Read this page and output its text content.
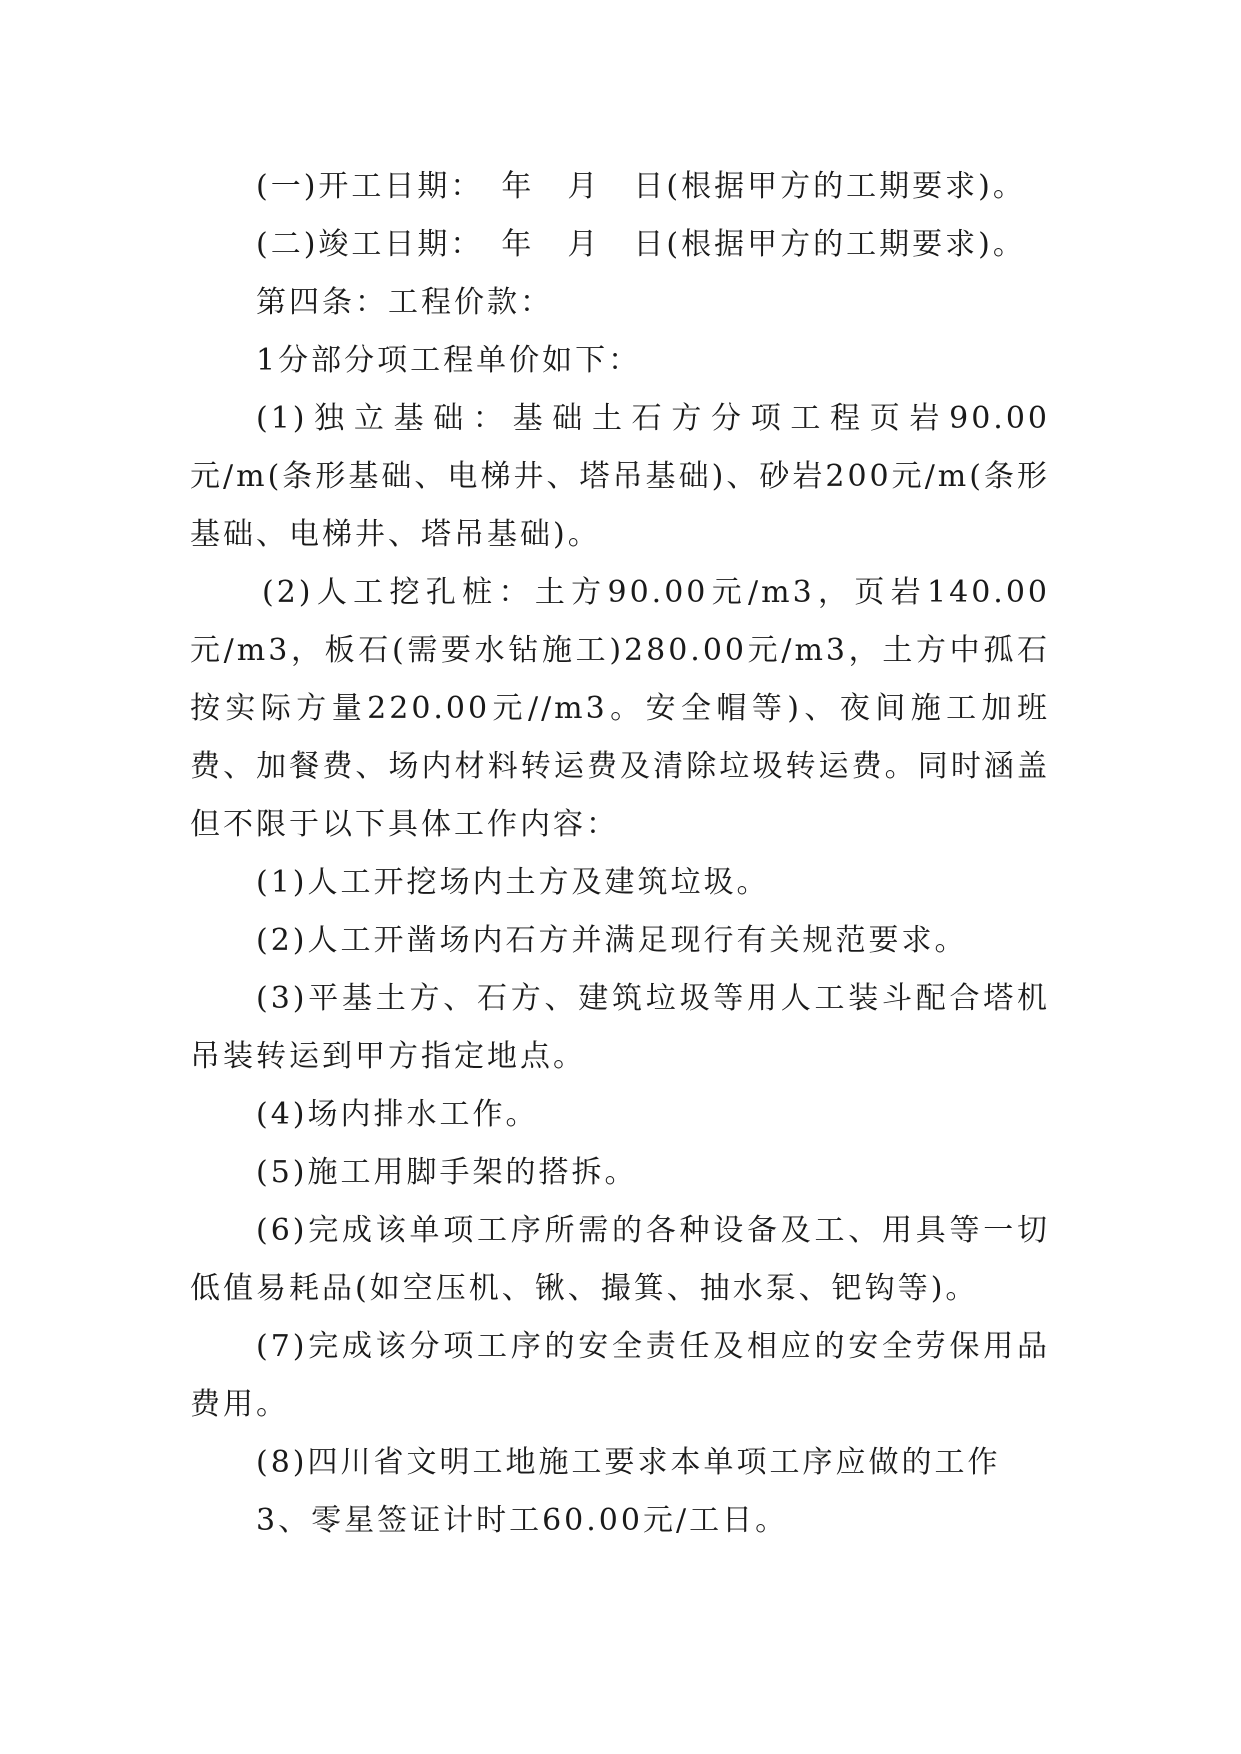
(一)开工日期：　年　月　日(根据甲方的工期要求)。

(二)竣工日期：　年　月　日(根据甲方的工期要求)。

第四条：工程价款：

1分部分项工程单价如下：

(1)独立基础：基础土石方分项工程页岩90.00元/m(条形基础、电梯井、塔吊基础)、砂岩200元/m(条形基础、电梯井、塔吊基础)。

(2)人工挖孔桩：土方90.00元/m3，页岩140.00元/m3，板石(需要水钻施工)280.00元/m3，土方中孤石按实际方量220.00元//m3。安全帽等)、夜间施工加班费、加餐费、场内材料转运费及清除垃圾转运费。同时涵盖但不限于以下具体工作内容：

(1)人工开挖场内土方及建筑垃圾。

(2)人工开凿场内石方并满足现行有关规范要求。

(3)平基土方、石方、建筑垃圾等用人工装斗配合塔机吊装转运到甲方指定地点。

(4)场内排水工作。

(5)施工用脚手架的搭拆。

(6)完成该单项工序所需的各种设备及工、用具等一切低值易耗品(如空压机、锹、撮箕、抽水泵、钯钩等)。

(7)完成该分项工序的安全责任及相应的安全劳保用品费用。

(8)四川省文明工地施工要求本单项工序应做的工作

3、零星签证计时工60.00元/工日。
